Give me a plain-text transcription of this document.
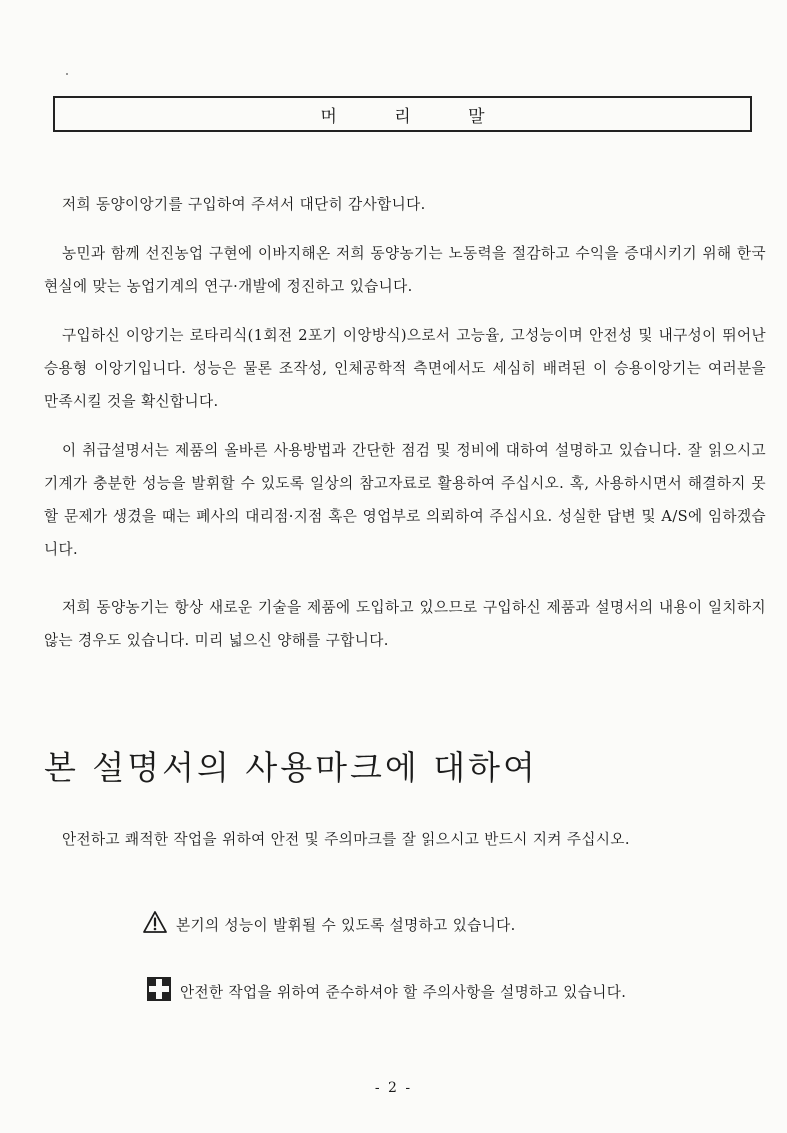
머 리 말

저희 동양이앙기를 구입하여 주셔서 대단히 감사합니다.

농민과 함께 선진농업 구현에 이바지해온 저희 동양농기는 노동력을 절감하고 수익을 증대시키기 위해 한국 현실에 맞는 농업기계의 연구·개발에 정진하고 있습니다.

구입하신 이앙기는 로타리식(1회전 2포기 이앙방식)으로서 고능율, 고성능이며 안전성 및 내구성이 뛰어난 승용형 이앙기입니다. 성능은 물론 조작성, 인체공학적 측면에서도 세심히 배려된 이 승용이앙기는 여러분을 만족시킬 것을 확신합니다.

이 취급설명서는 제품의 올바른 사용방법과 간단한 점검 및 정비에 대하여 설명하고 있습니다. 잘 읽으시고 기계가 충분한 성능을 발휘할 수 있도록 일상의 참고자료로 활용하여 주십시오. 혹, 사용하시면서 해결하지 못할 문제가 생겼을 때는 폐사의 대리점·지점 혹은 영업부로 의뢰하여 주십시요. 성실한 답변 및 A/S에 임하겠습니다.

저희 동양농기는 항상 새로운 기술을 제품에 도입하고 있으므로 구입하신 제품과 설명서의 내용이 일치하지 않는 경우도 있습니다. 미리 넓으신 양해를 구합니다.

본 설명서의 사용마크에 대하여
안전하고 쾌적한 작업을 위하여 안전 및 주의마크를 잘 읽으시고 반드시 지켜 주십시오.
본기의 성능이 발휘될 수 있도록 설명하고 있습니다.
안전한 작업을 위하여 준수하셔야 할 주의사항을 설명하고 있습니다.
- 2 -
